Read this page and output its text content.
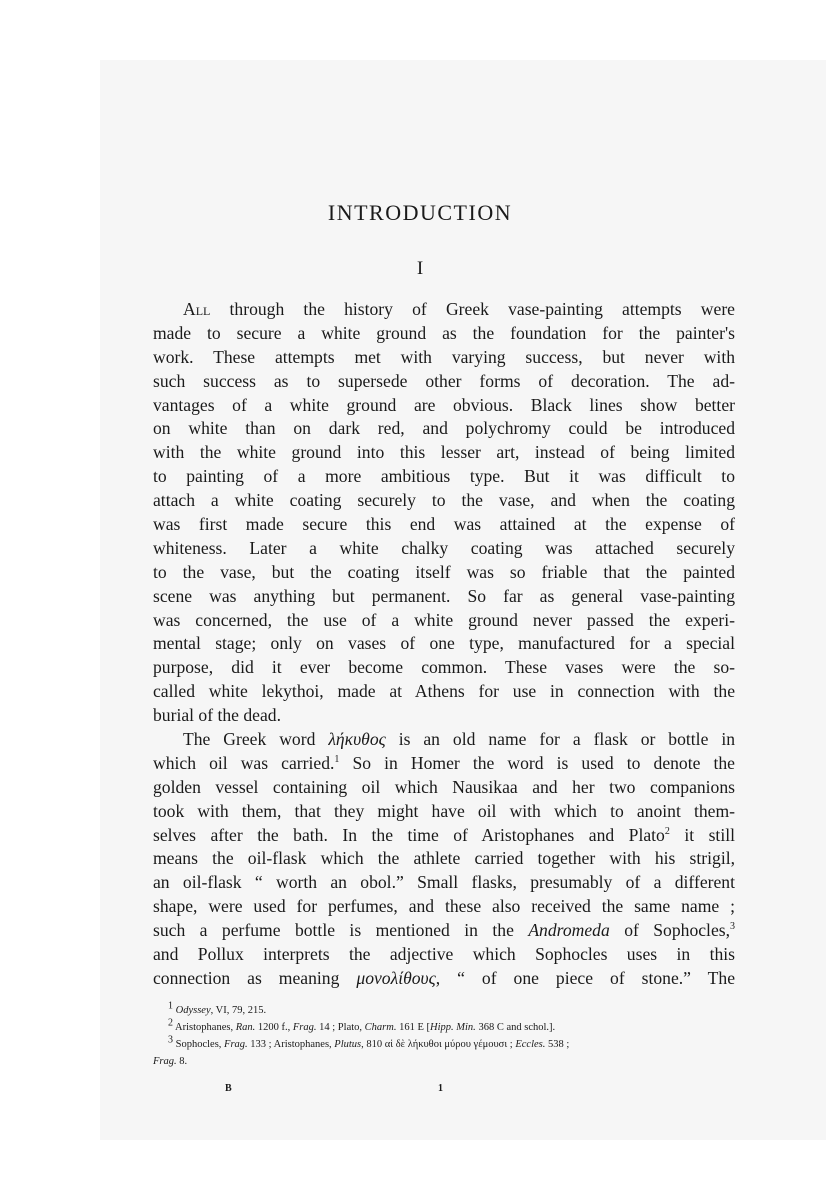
INTRODUCTION
I
All through the history of Greek vase-painting attempts were
made to secure a white ground as the foundation for the painter's
work. These attempts met with varying success, but never with
such success as to supersede other forms of decoration. The ad-
vantages of a white ground are obvious. Black lines show better
on white than on dark red, and polychromy could be introduced
with the white ground into this lesser art, instead of being limited
to painting of a more ambitious type. But it was difficult to
attach a white coating securely to the vase, and when the coating
was first made secure this end was attained at the expense of
whiteness. Later a white chalky coating was attached securely
to the vase, but the coating itself was so friable that the painted
scene was anything but permanent. So far as general vase-painting
was concerned, the use of a white ground never passed the experi-
mental stage; only on vases of one type, manufactured for a special
purpose, did it ever become common. These vases were the so-
called white lekythoi, made at Athens for use in connection with the
burial of the dead.
The Greek word λήκυθος is an old name for a flask or bottle in
which oil was carried.$^1$ So in Homer the word is used to denote the
golden vessel containing oil which Nausikaa and her two companions
took with them, that they might have oil with which to anoint them-
selves after the bath. In the time of Aristophanes and Plato$^2$ it still
means the oil-flask which the athlete carried together with his strigil,
an oil-flask “ worth an obol.” Small flasks, presumably of a different
shape, were used for perfumes, and these also received the same name ;
such a perfume bottle is mentioned in the Andromeda of Sophocles,$^3$
and Pollux interprets the adjective which Sophocles uses in this
connection as meaning μονολίθους, “ of one piece of stone.” The
$^1$ Odyssey, VI, 79, 215.
$^2$ Aristophanes, Ran. 1200 f., Frag. 14 ; Plato, Charm. 161 E [Hipp. Min. 368 C and schol.].
$^3$ Sophocles, Frag. 133 ; Aristophanes, Plutus, 810 αἱ δὲ λήκυθοι μύρου γέμουσι ; Eccles. 538 ;
Frag. 8.
B	1
